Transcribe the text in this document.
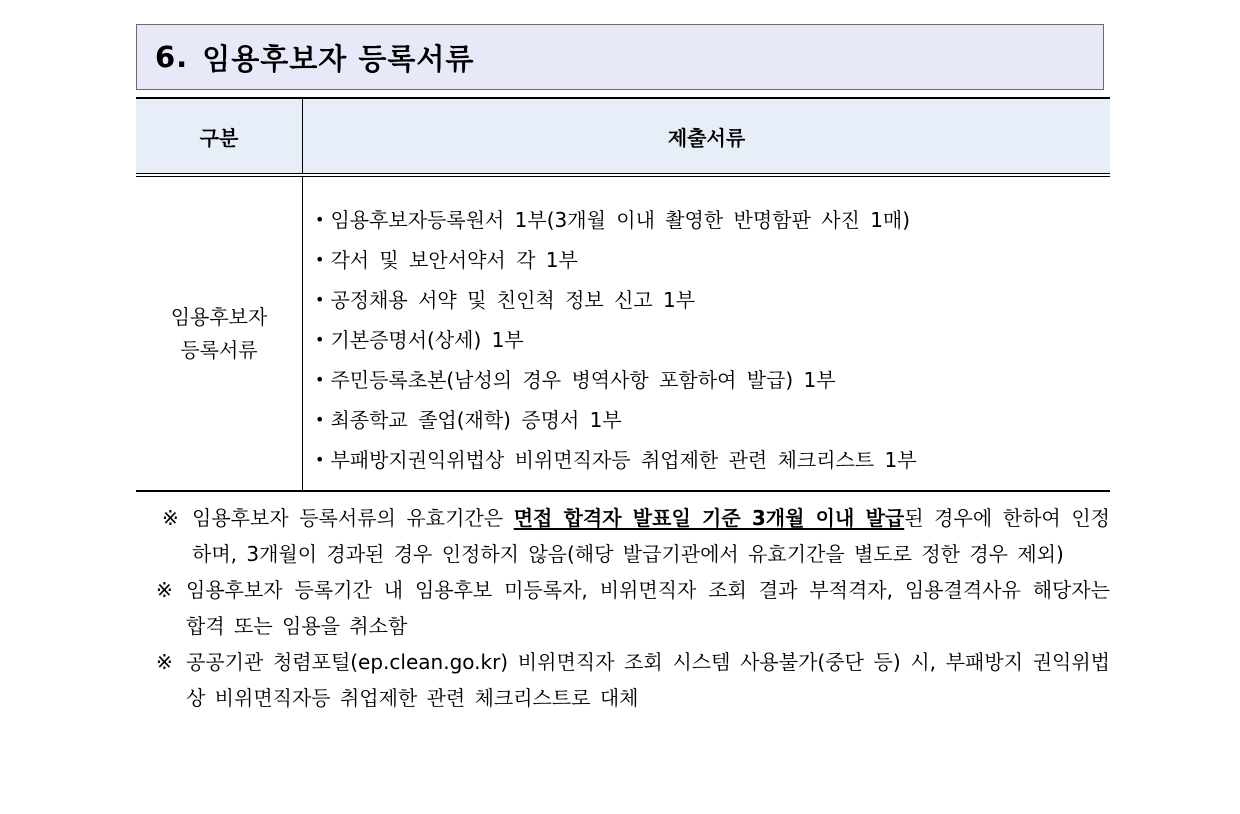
6. 임용후보자 등록서류
구분	제출서류
임용후보자
등록서류
• 임용후보자등록원서 1부(3개월 이내 촬영한 반명함판 사진 1매)
• 각서 및 보안서약서 각 1부
• 공정채용 서약 및 친인척 정보 신고 1부
• 기본증명서(상세) 1부
• 주민등록초본(남성의 경우 병역사항 포함하여 발급) 1부
• 최종학교 졸업(재학) 증명서 1부
• 부패방지권익위법상 비위면직자등 취업제한 관련 체크리스트 1부
※ 임용후보자 등록서류의 유효기간은 면접 합격자 발표일 기준 3개월 이내 발급된 경우에 한하여 인정하며, 3개월이 경과된 경우 인정하지 않음(해당 발급기관에서 유효기간을 별도로 정한 경우 제외)
※ 임용후보자 등록기간 내 임용후보 미등록자, 비위면직자 조회 결과 부적격자, 임용결격사유 해당자는 합격 또는 임용을 취소함
※ 공공기관 청렴포털(ep.clean.go.kr) 비위면직자 조회 시스템 사용불가(중단 등) 시, 부패방지 권익위법상 비위면직자등 취업제한 관련 체크리스트로 대체
